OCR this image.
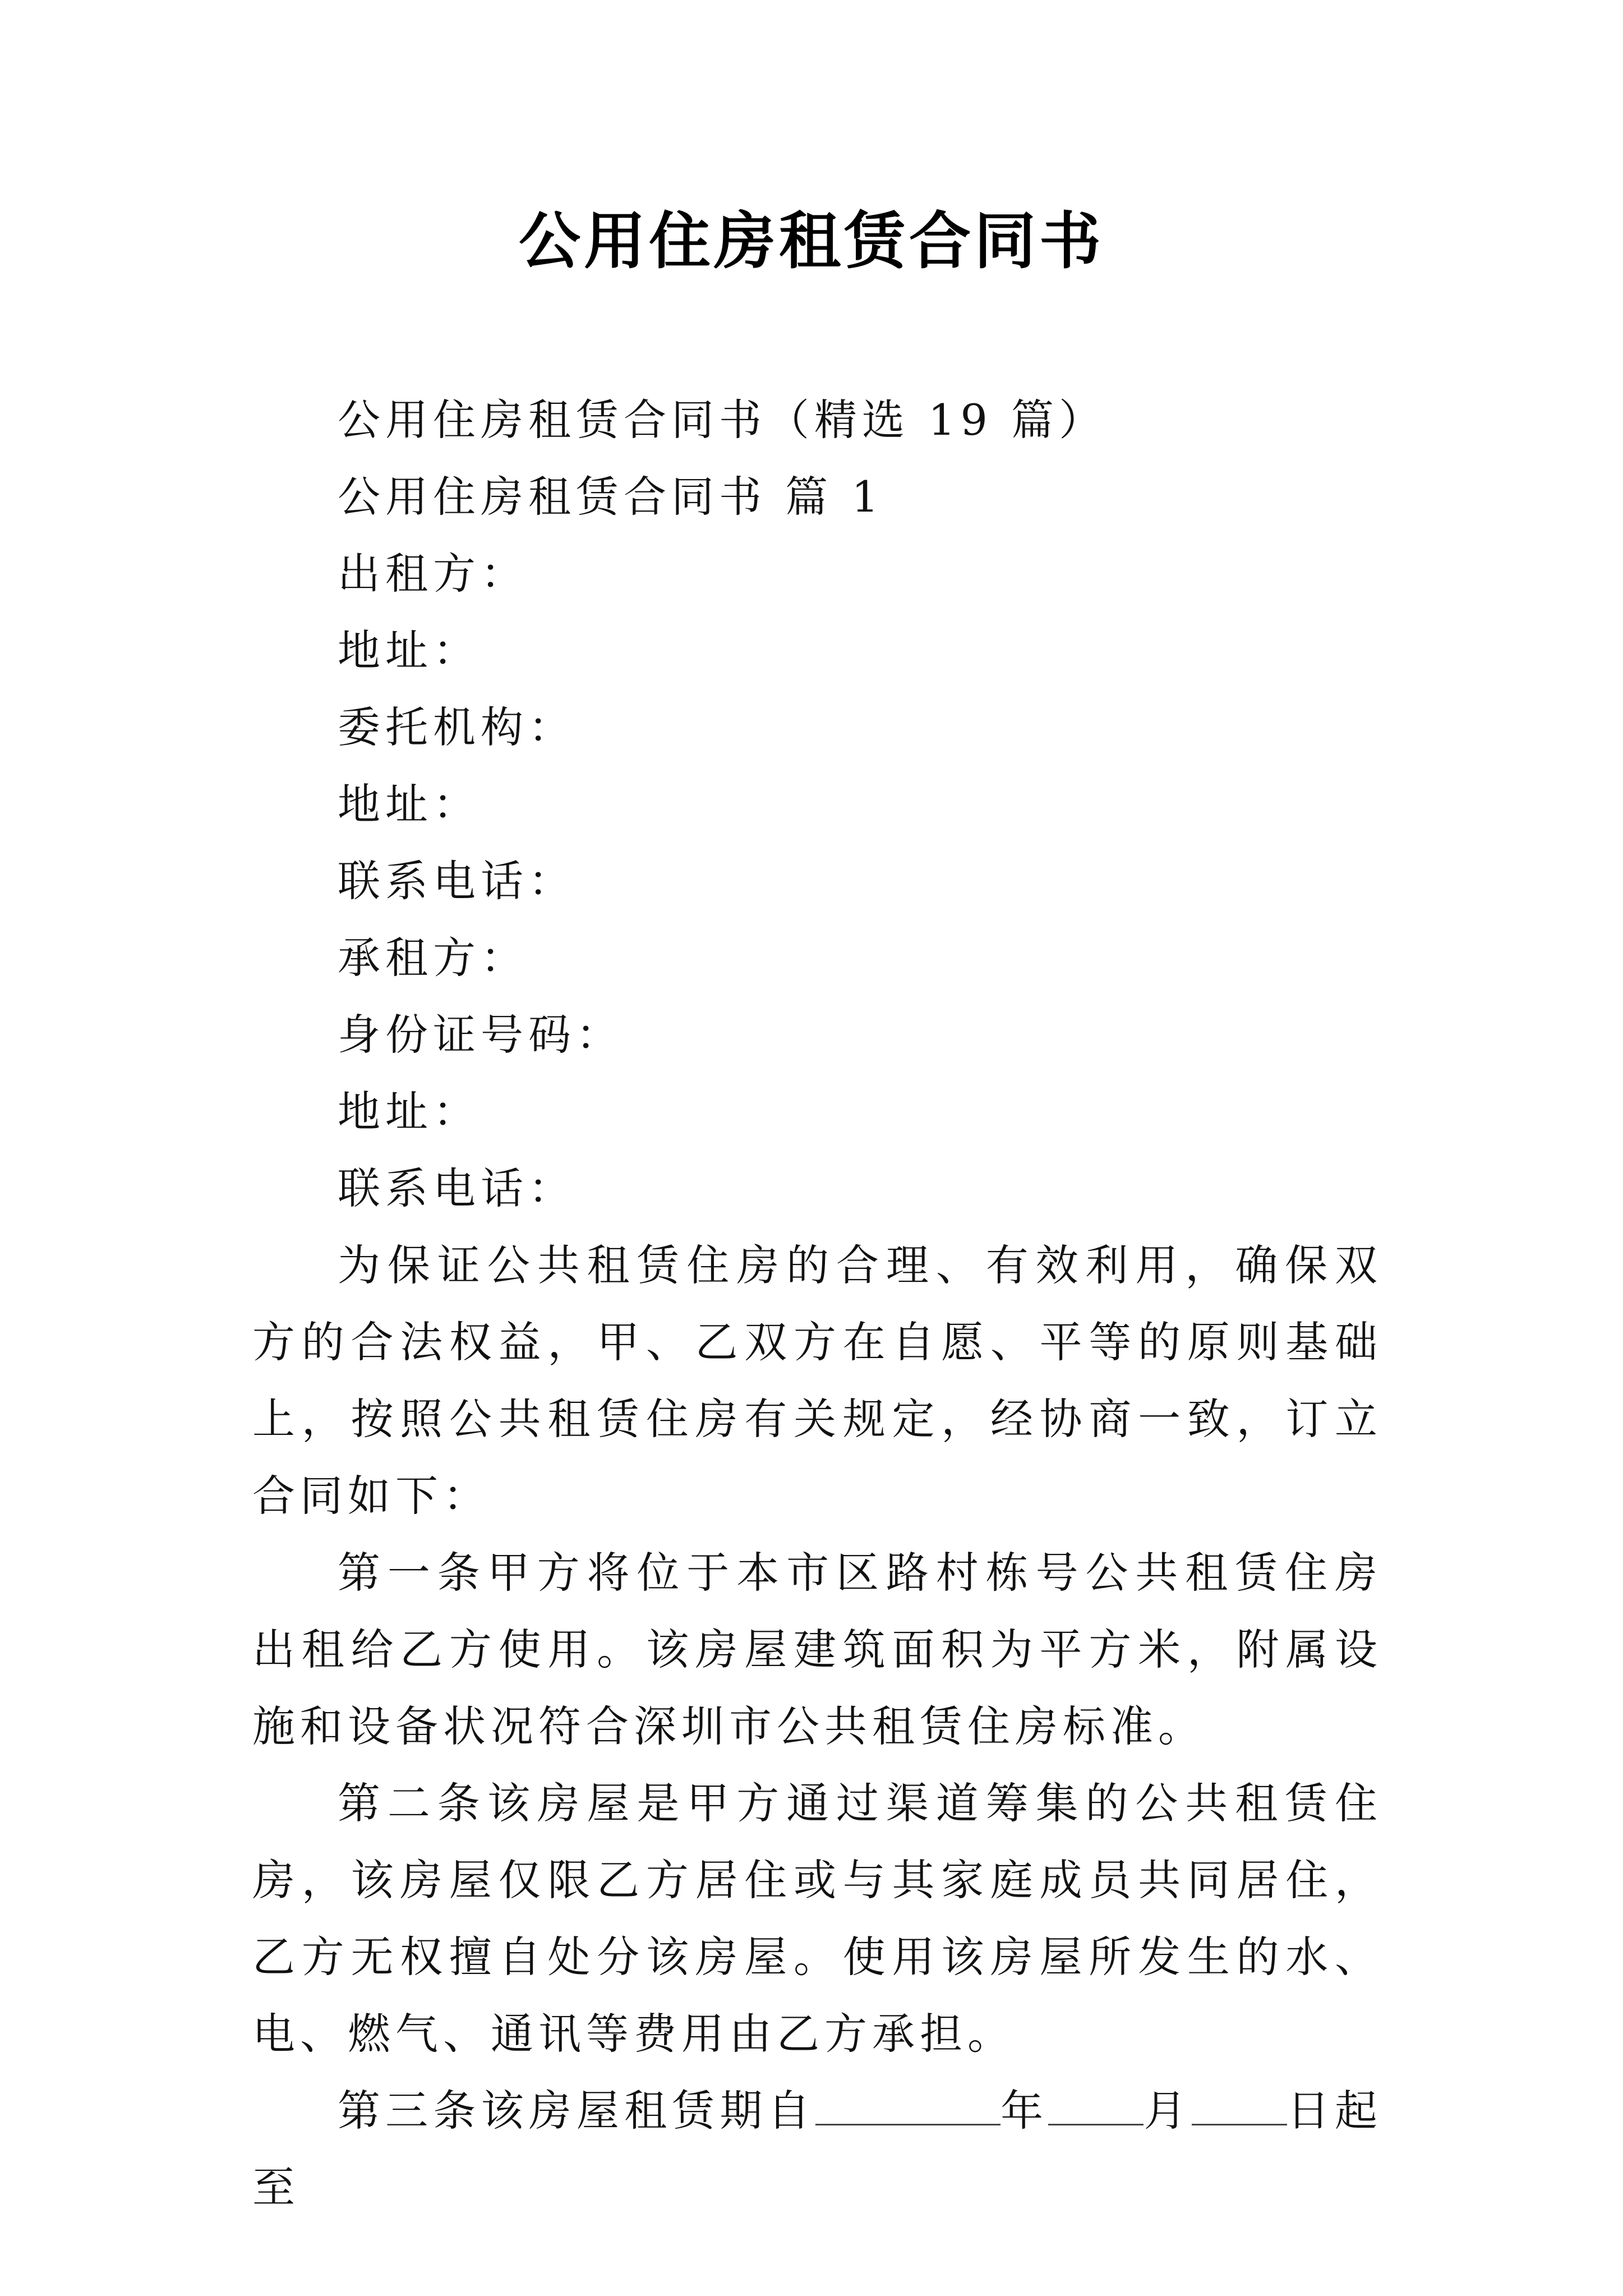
公用住房租赁合同书

公用住房租赁合同书（精选 19 篇）

公用住房租赁合同书 篇 1

出租方：

地址：

委托机构：

地址：

联系电话：

承租方：

身份证号码：

地址：

联系电话：

为保证公共租赁住房的合理、有效利用，确保双方的合法权益，甲、乙双方在自愿、平等的原则基础上，按照公共租赁住房有关规定，经协商一致，订立合同如下：

第一条甲方将位于本市区路村栋号公共租赁住房出租给乙方使用。该房屋建筑面积为平方米，附属设施和设备状况符合深圳市公共租赁住房标准。

第二条该房屋是甲方通过渠道筹集的公共租赁住房，该房屋仅限乙方居住或与其家庭成员共同居住，乙方无权擅自处分该房屋。使用该房屋所发生的水、电、燃气、通讯等费用由乙方承担。

第三条该房屋租赁期自	年 月 日起至
